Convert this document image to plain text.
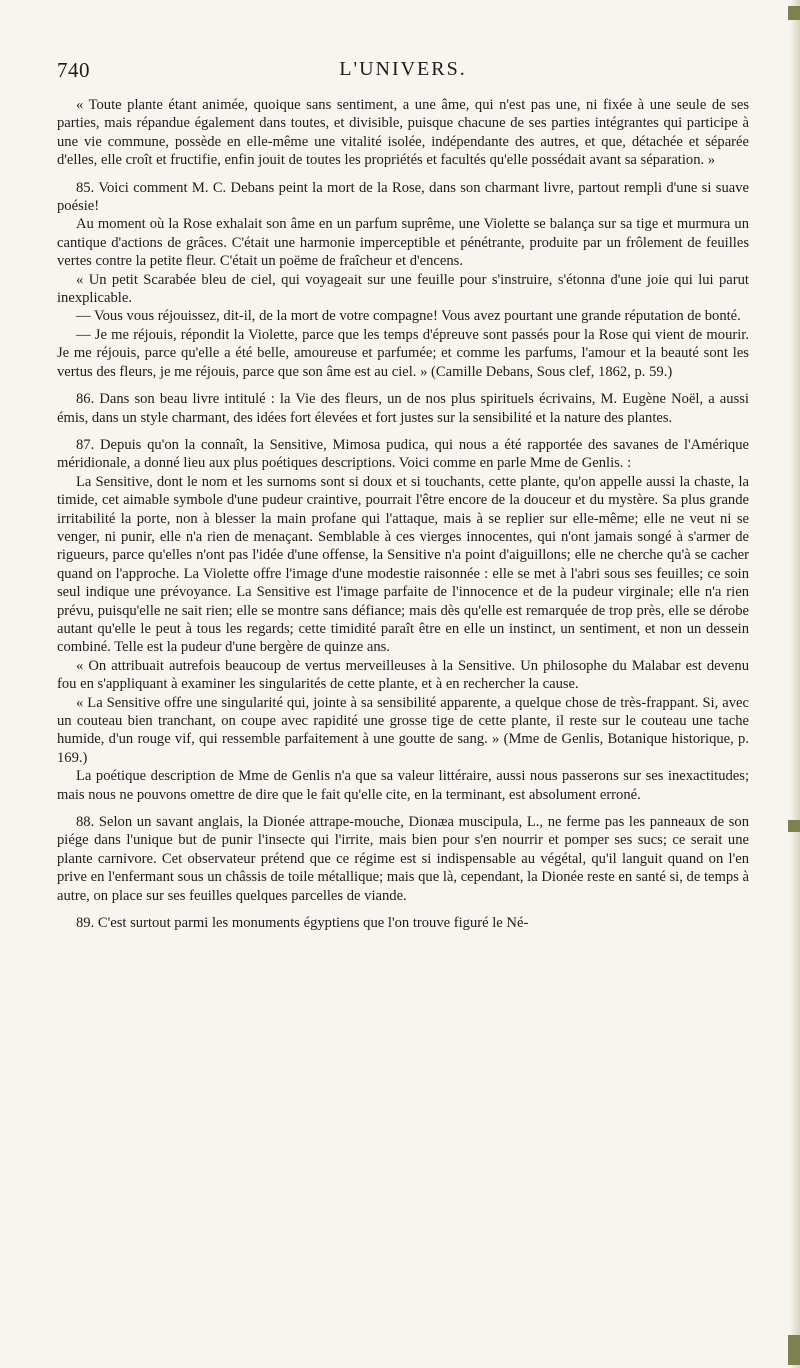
740	L'UNIVERS.

« Toute plante étant animée, quoique sans sentiment, a une âme, qui n'est pas une, ni fixée à une seule de ses parties, mais répandue également dans toutes, et divisible, puisque chacune de ses parties intégrantes qui participe à une vie commune, possède en elle-même une vitalité isolée, indépendante des autres, et que, détachée et séparée d'elles, elle croît et fructifie, enfin jouit de toutes les propriétés et facultés qu'elle possédait avant sa séparation. »

85. Voici comment M. C. Debans peint la mort de la Rose, dans son charmant livre, partout rempli d'une si suave poésie!

Au moment où la Rose exhalait son âme en un parfum suprême, une Violette se balança sur sa tige et murmura un cantique d'actions de grâces. C'était une harmonie imperceptible et pénétrante, produite par un frôlement de feuilles vertes contre la petite fleur. C'était un poëme de fraîcheur et d'encens.

« Un petit Scarabée bleu de ciel, qui voyageait sur une feuille pour s'instruire, s'étonna d'une joie qui lui parut inexplicable.

— Vous vous réjouissez, dit-il, de la mort de votre compagne! Vous avez pourtant une grande réputation de bonté.

— Je me réjouis, répondit la Violette, parce que les temps d'épreuve sont passés pour la Rose qui vient de mourir. Je me réjouis, parce qu'elle a été belle, amoureuse et parfumée; et comme les parfums, l'amour et la beauté sont les vertus des fleurs, je me réjouis, parce que son âme est au ciel. » (Camille Debans, Sous clef, 1862, p. 59.)

86. Dans son beau livre intitulé : la Vie des fleurs, un de nos plus spirituels écrivains, M. Eugène Noël, a aussi émis, dans un style charmant, des idées fort élevées et fort justes sur la sensibilité et la nature des plantes.

87. Depuis qu'on la connaît, la Sensitive, Mimosa pudica, qui nous a été rapportée des savanes de l'Amérique méridionale, a donné lieu aux plus poétiques descriptions. Voici comme en parle Mme de Genlis. :

La Sensitive, dont le nom et les surnoms sont si doux et si touchants, cette plante, qu'on appelle aussi la chaste, la timide, cet aimable symbole d'une pudeur craintive, pourrait l'être encore de la douceur et du mystère. Sa plus grande irritabilité la porte, non à blesser la main profane qui l'attaque, mais à se replier sur elle-même; elle ne veut ni se venger, ni punir, elle n'a rien de menaçant. Semblable à ces vierges innocentes, qui n'ont jamais songé à s'armer de rigueurs, parce qu'elles n'ont pas l'idée d'une offense, la Sensitive n'a point d'aiguillons; elle ne cherche qu'à se cacher quand on l'approche. La Violette offre l'image d'une modestie raisonnée : elle se met à l'abri sous ses feuilles; ce soin seul indique une prévoyance. La Sensitive est l'image parfaite de l'innocence et de la pudeur virginale; elle n'a rien prévu, puisqu'elle ne sait rien; elle se montre sans défiance; mais dès qu'elle est remarquée de trop près, elle se dérobe autant qu'elle le peut à tous les regards; cette timidité paraît être en elle un instinct, un sentiment, et non un dessein combiné. Telle est la pudeur d'une bergère de quinze ans.

« On attribuait autrefois beaucoup de vertus merveilleuses à la Sensitive. Un philosophe du Malabar est devenu fou en s'appliquant à examiner les singularités de cette plante, et à en rechercher la cause.

« La Sensitive offre une singularité qui, jointe à sa sensibilité apparente, a quelque chose de très-frappant. Si, avec un couteau bien tranchant, on coupe avec rapidité une grosse tige de cette plante, il reste sur le couteau une tache humide, d'un rouge vif, qui ressemble parfaitement à une goutte de sang. » (Mme de Genlis, Botanique historique, p. 169.)

La poétique description de Mme de Genlis n'a que sa valeur littéraire, aussi nous passerons sur ses inexactitudes; mais nous ne pouvons omettre de dire que le fait qu'elle cite, en la terminant, est absolument erroné.

88. Selon un savant anglais, la Dionée attrape-mouche, Dionæa muscipula, L., ne ferme pas les panneaux de son piége dans l'unique but de punir l'insecte qui l'irrite, mais bien pour s'en nourrir et pomper ses sucs; ce serait une plante carnivore. Cet observateur prétend que ce régime est si indispensable au végétal, qu'il languit quand on l'en prive en l'enfermant sous un châssis de toile métallique; mais que là, cependant, la Dionée reste en santé si, de temps à autre, on place sur ses feuilles quelques parcelles de viande.

89. C'est surtout parmi les monuments égyptiens que l'on trouve figuré le Né-
